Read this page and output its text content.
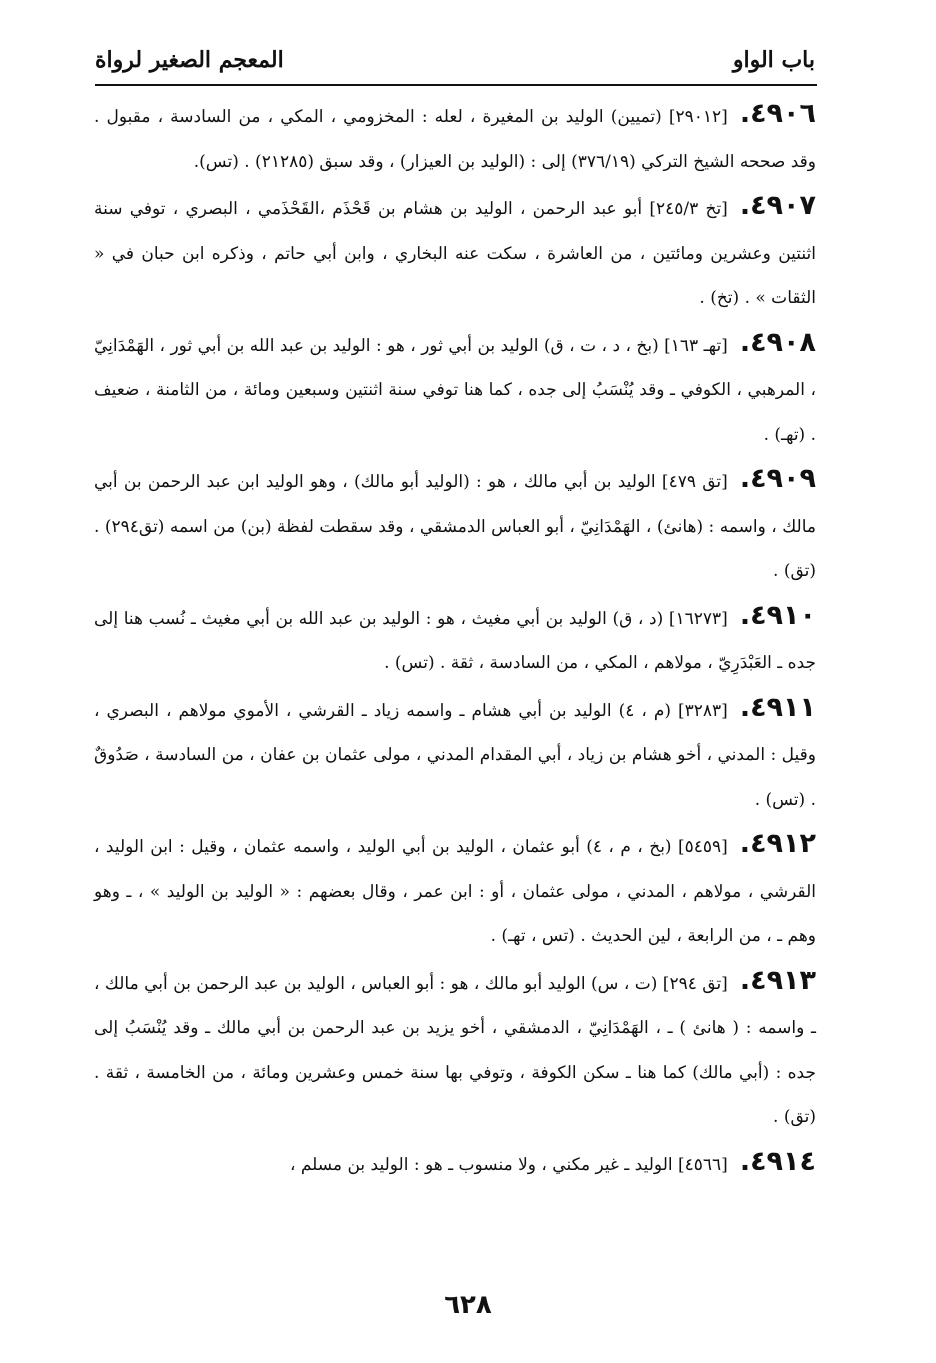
باب الواو
المعجم الصغير لرواة

٤٩٠٦.[٢٩٠١٢] (تميين) الوليد بن المغيرة ، لعله : المخزومي ، المكي ، من السادسة ، مقبول . وقد صححه الشيخ التركي (٣٧٦/١٩) إلى : (الوليد بن العيزار) ، وقد سبق (٢١٢٨٥) . (تس).

٤٩٠٧.[تخ ٢٤٥/٣] أبو عبد الرحمن ، الوليد بن هشام بن قَحْذَم ،القَحْذَمي ، البصري ، توفي سنة اثنتين وعشرين ومائتين ، من العاشرة ، سكت عنه البخاري ، وابن أبي حاتم ، وذكره ابن حبان في « الثقات » . (تخ) .

٤٩٠٨.[تهـ ١٦٣] (بخ ، د ، ت ، ق) الوليد بن أبي ثور ، هو : الوليد بن عبد الله بن أبي ثور ، الهَمْدَانِيّ ، المرهبي ، الكوفي ـ وقد يُنْسَبُ إلى جده ، كما هنا توفي سنة اثنتين وسبعين ومائة ، من الثامنة ، ضعيف . (تهـ) .

٤٩٠٩.[تق ٤٧٩] الوليد بن أبي مالك ، هو : (الوليد أبو مالك) ، وهو الوليد ابن عبد الرحمن بن أبي مالك ، واسمه : (هانئ) ، الهَمْدَانِيّ ، أبو العباس الدمشقي ، وقد سقطت لفظة (بن) من اسمه (تق٢٩٤) . (تق) .

٤٩١٠.[١٦٢٧٣] (د ، ق) الوليد بن أبي مغيث ، هو : الوليد بن عبد الله بن أبي مغيث ـ نُسب هنا إلى جده ـ العَبْدَرِيّ ، مولاهم ، المكي ، من السادسة ، ثقة . (تس) .

٤٩١١.[٣٢٨٣] (م ، ٤) الوليد بن أبي هشام ـ واسمه زياد ـ القرشي ، الأموي مولاهم ، البصري ، وقيل : المدني ، أخو هشام بن زياد ، أبي المقدام المدني ، مولى عثمان بن عفان ، من السادسة ، صَدُوقٌ . (تس) .

٤٩١٢.[٥٤٥٩] (بخ ، م ، ٤) أبو عثمان ، الوليد بن أبي الوليد ، واسمه عثمان ، وقيل : ابن الوليد ، القرشي ، مولاهم ، المدني ، مولى عثمان ، أو : ابن عمر ، وقال بعضهم : « الوليد بن الوليد » ، ـ وهو وهم ـ ، من الرابعة ، لين الحديث . (تس ، تهـ) .

٤٩١٣.[تق ٢٩٤] (ت ، س) الوليد أبو مالك ، هو : أبو العباس ، الوليد بن عبد الرحمن بن أبي مالك ، ـ واسمه : ( هانئ ) ـ ، الهَمْدَانِيّ ، الدمشقي ، أخو يزيد بن عبد الرحمن بن أبي مالك ـ وقد يُنْسَبُ إلى جده : (أبي مالك) كما هنا ـ سكن الكوفة ، وتوفي بها سنة خمس وعشرين ومائة ، من الخامسة ، ثقة . (تق) .

٤٩١٤.[٤٥٦٦] الوليد ـ غير مكني ، ولا منسوب ـ هو : الوليد بن مسلم ،

٦٢٨
